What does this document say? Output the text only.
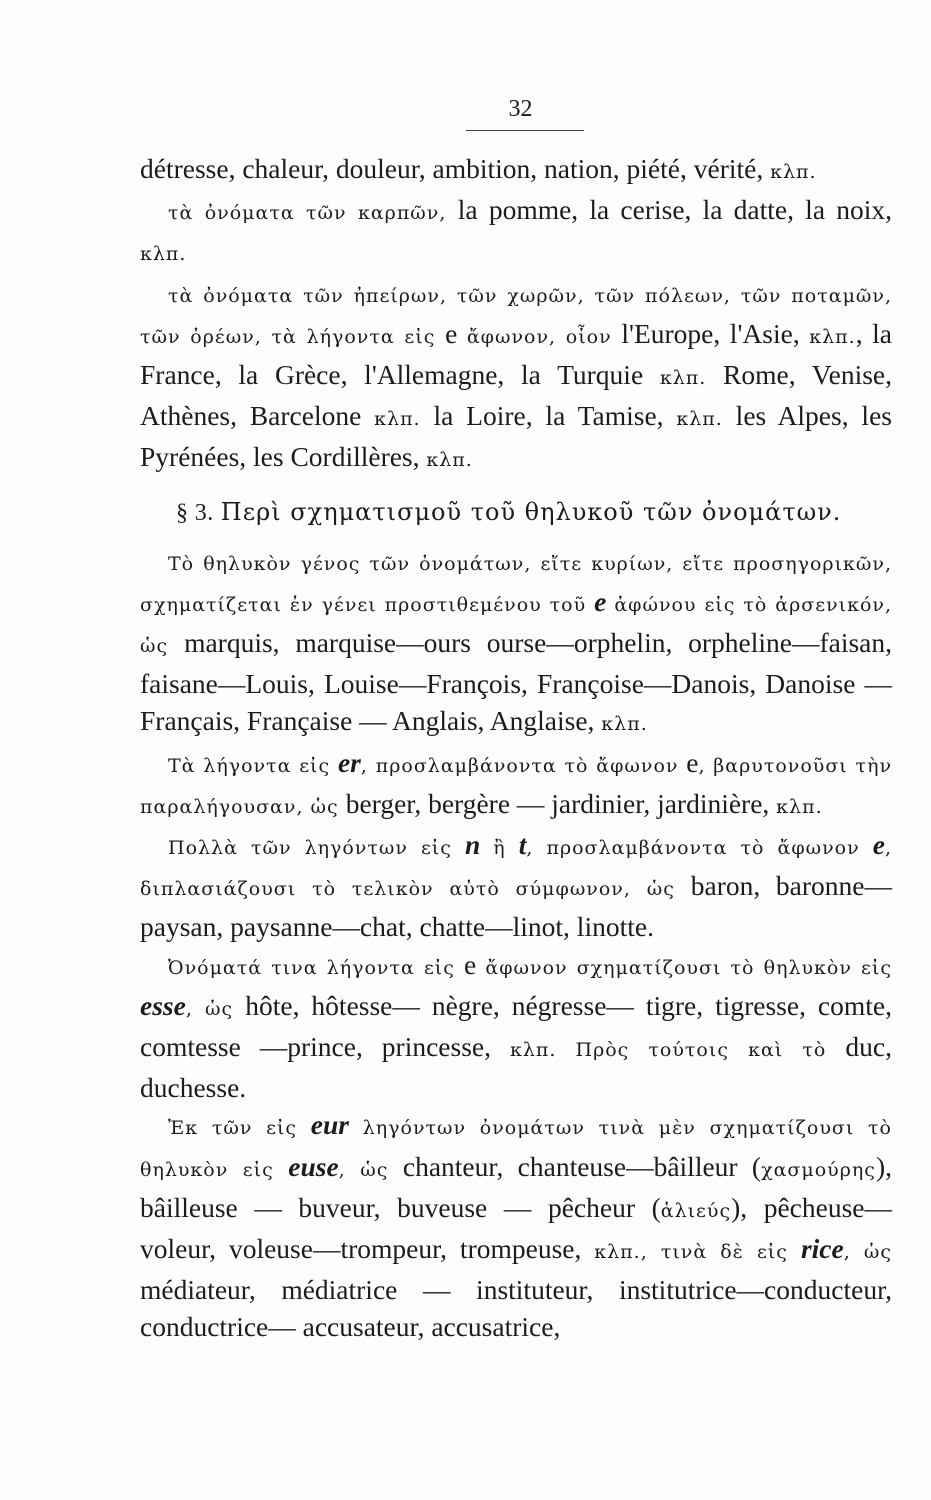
32

détresse, chaleur, douleur, ambition, nation, piété, vérité, κλπ.

τὰ ὀνόματα τῶν καρπῶν, la pomme, la cerise, la datte, la noix, κλπ.

τὰ ὀνόματα τῶν ἠπείρων, τῶν χωρῶν, τῶν πόλεων, τῶν ποταμῶν, τῶν ὀρέων, τὰ λήγοντα εἰς e ἄφωνον, οἷον l'Europe, l'Asie, κλπ., la France, la Grèce, l'Allemagne, la Turquie κλπ. Rome, Venise, Athènes, Barcelone κλπ. la Loire, la Tamise, κλπ. les Alpes, les Pyrénées, les Cordillères, κλπ.

§ 3. Περὶ σχηματισμοῦ τοῦ θηλυκοῦ τῶν ὀνομάτων.

Τὸ θηλυκὸν γένος τῶν ὀνομάτων, εἴτε κυρίων, εἴτε προσηγορικῶν, σχηματίζεται ἐν γένει προστιθεμένου τοῦ e ἀφώνου εἰς τὸ ἀρσενικόν, ὡς marquis, marquise—ours ourse—orphelin, orpheline—faisan, faisane—Louis, Louise—François, Françoise—Danois, Danoise — Français, Française — Anglais, Anglaise, κλπ.

Τὰ λήγοντα εἰς er, προσλαμβάνοντα τὸ ἄφωνον e, βαρυτονοῦσι τὴν παραλήγουσαν, ὡς berger, bergère — jardinier, jardinière, κλπ.

Πολλὰ τῶν ληγόντων εἰς n ἢ t, προσλαμβάνοντα τὸ ἄφωνον e, διπλασιάζουσι τὸ τελικὸν αὐτὸ σύμφωνον, ὡς baron, baronne—paysan, paysanne—chat, chatte—linot, linotte.

Ὀνόματά τινα λήγοντα εἰς e ἄφωνον σχηματίζουσι τὸ θηλυκὸν εἰς esse, ὡς hôte, hôtesse— nègre, négresse— tigre, tigresse, comte, comtesse —prince, princesse, κλπ. Πρὸς τούτοις καὶ τὸ duc, duchesse.

Ἐκ τῶν εἰς eur ληγόντων ὀνομάτων τινὰ μὲν σχηματίζουσι τὸ θηλυκὸν εἰς euse, ὡς chanteur, chanteuse—bâilleur (χασμούρης), bâilleuse — buveur, buveuse — pêcheur (ἁλιεύς), pêcheuse—voleur, voleuse—trompeur, trompeuse, κλπ., τινὰ δὲ εἰς rice, ὡς médiateur, médiatrice — instituteur, institutrice—conducteur, conductrice— accusateur, accusatrice,
